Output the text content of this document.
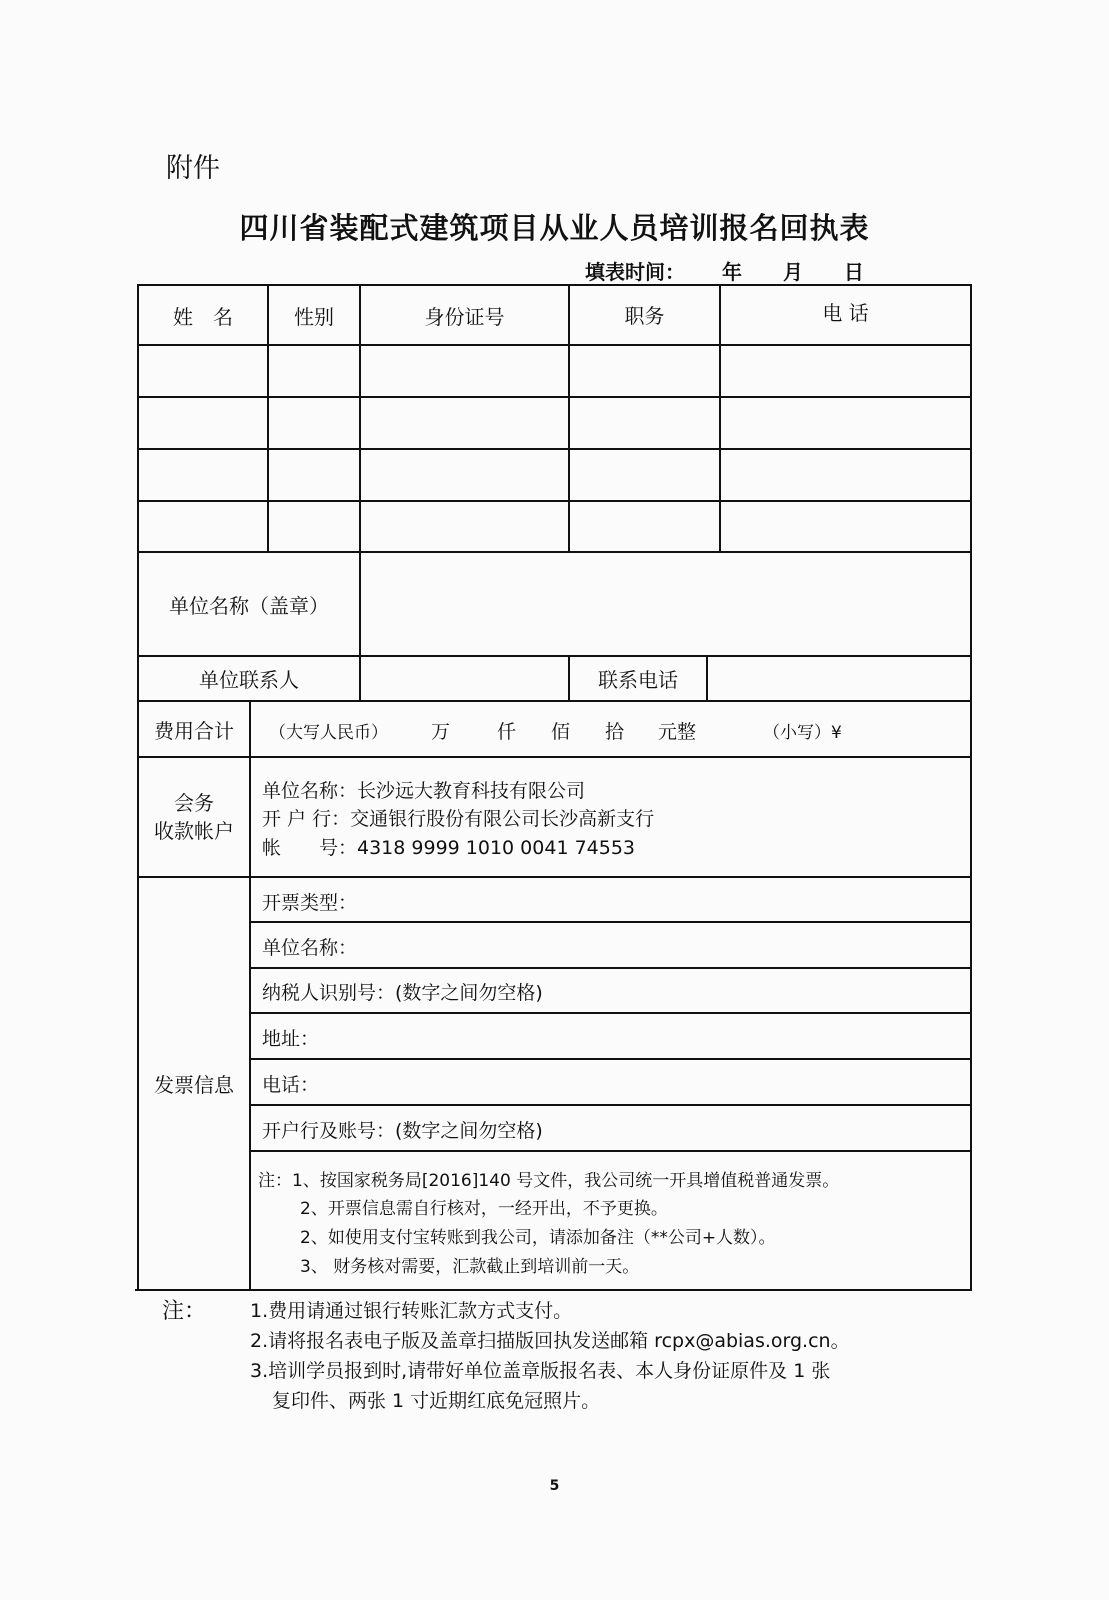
附件
四川省装配式建筑项目从业人员培训报名回执表
填表时间： 年 月 日
姓　名	性别	身份证号	职务	电 话
单位名称（盖章）
单位联系人	联系电话
费用合计	（大写人民币） 万 仟 佰 拾 元整	（小写）¥
会务
收款帐户
单位名称：长沙远大教育科技有限公司
开 户 行：交通银行股份有限公司长沙高新支行
帐　　号：4318 9999 1010 0041 74553
发票信息
开票类型：
单位名称：
纳税人识别号：(数字之间勿空格)
地址：
电话：
开户行及账号：(数字之间勿空格)
注：1、按国家税务局[2016]140 号文件，我公司统一开具增值税普通发票。
2、开票信息需自行核对，一经开出，不予更换。
2、如使用支付宝转账到我公司，请添加备注（**公司+人数）。
3、 财务核对需要，汇款截止到培训前一天。
注： 1.费用请通过银行转账汇款方式支付。
2.请将报名表电子版及盖章扫描版回执发送邮箱 rcpx@abias.org.cn。
3.培训学员报到时,请带好单位盖章版报名表、本人身份证原件及 1 张
复印件、两张 1 寸近期红底免冠照片。
5
